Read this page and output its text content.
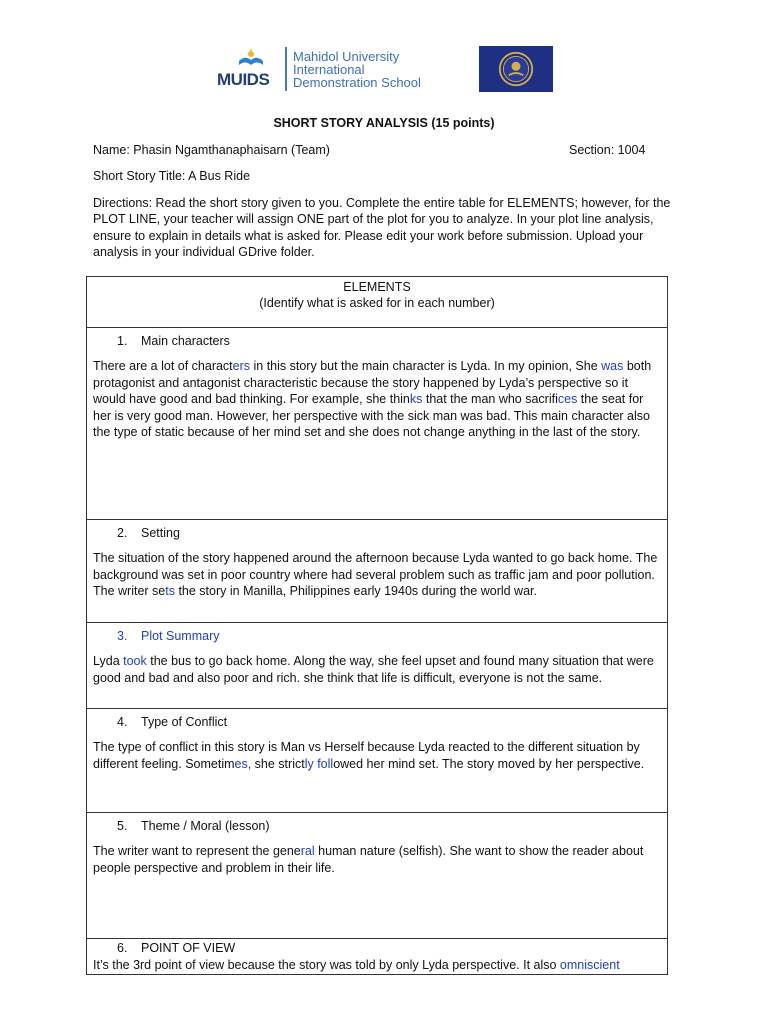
MUIDS
Mahidol University
International
Demonstration School
SHORT STORY ANALYSIS (15 points)
Name: Phasin Ngamthanaphaisarn (Team)	Section: 1004
Short Story Title: A Bus Ride
Directions: Read the short story given to you. Complete the entire table for ELEMENTS; however, for the PLOT LINE, your teacher will assign ONE part of the plot for you to analyze. In your plot line analysis, ensure to explain in details what is asked for. Please edit your work before submission. Upload your analysis in your individual GDrive folder.
ELEMENTS
(Identify what is asked for in each number)

1. Main characters
There are a lot of characters in this story but the main character is Lyda. In my opinion, She was both protagonist and antagonist characteristic because the story happened by Lyda’s perspective so it would have good and bad thinking. For example, she thinks that the man who sacrifices the seat for her is very good man. However, her perspective with the sick man was bad. This main character also the type of static because of her mind set and she does not change anything in the last of the story.

2. Setting
The situation of the story happened around the afternoon because Lyda wanted to go back home. The background was set in poor country where had several problem such as traffic jam and poor pollution. The writer sets the story in Manilla, Philippines early 1940s during the world war.

3. Plot Summary
Lyda took the bus to go back home. Along the way, she feel upset and found many situation that were good and bad and also poor and rich. she think that life is difficult, everyone is not the same.

4. Type of Conflict
The type of conflict in this story is Man vs Herself because Lyda reacted to the different situation by different feeling. Sometimes, she strictly followed her mind set. The story moved by her perspective.

5. Theme / Moral (lesson)
The writer want to represent the general human nature (selfish). She want to show the reader about people perspective and problem in their life.

6. POINT OF VIEW
It’s the 3rd point of view because the story was told by only Lyda perspective. It also omniscient
